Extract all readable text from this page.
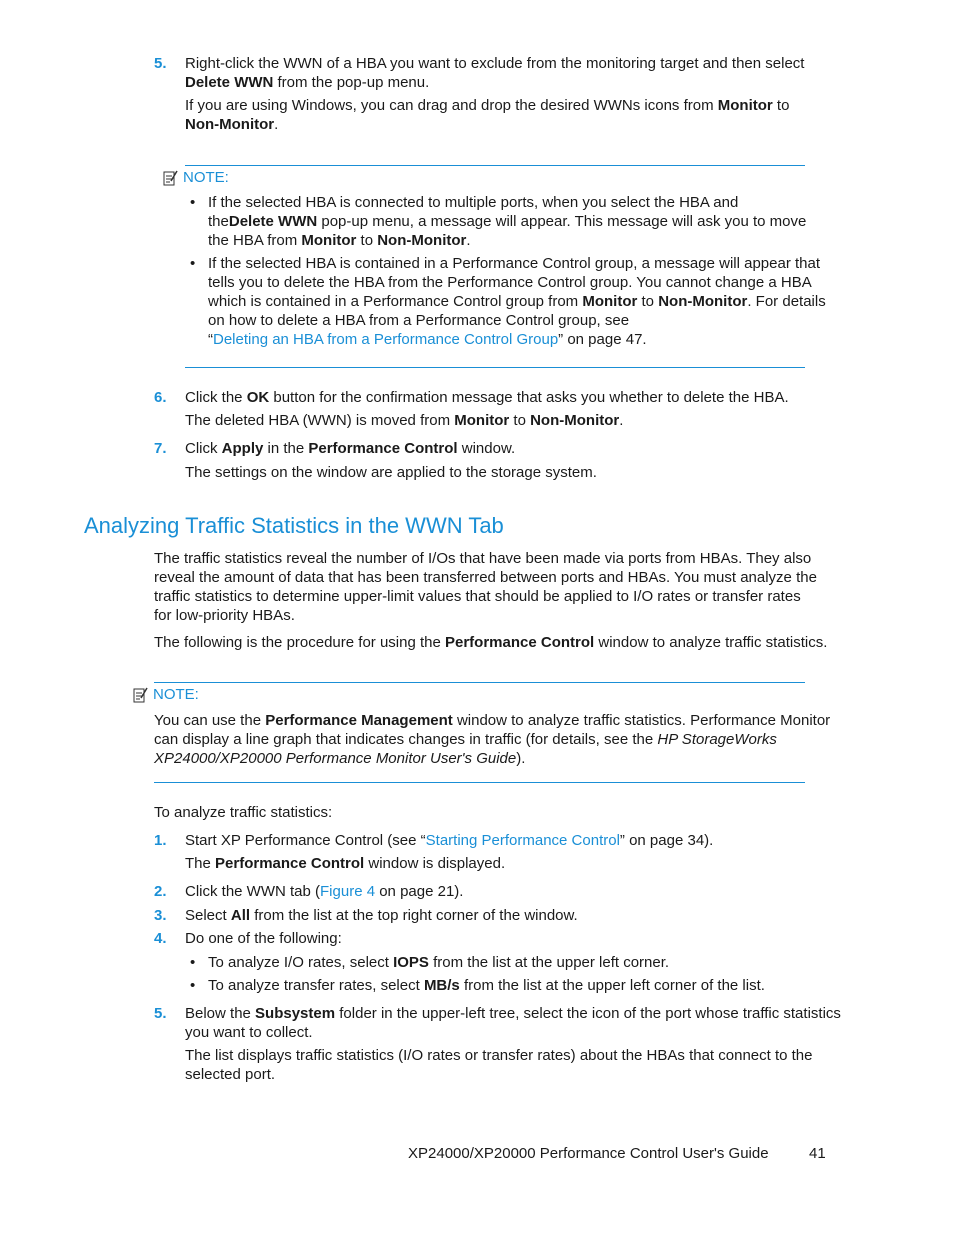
5. Right-click the WWN of a HBA you want to exclude from the monitoring target and then select
Delete WWN from the pop-up menu.
If you are using Windows, you can drag and drop the desired WWNs icons from Monitor to
Non-Monitor.
NOTE:
• If the selected HBA is connected to multiple ports, when you select the HBA and
theDelete WWN pop-up menu, a message will appear. This message will ask you to move
the HBA from Monitor to Non-Monitor.
• If the selected HBA is contained in a Performance Control group, a message will appear that
tells you to delete the HBA from the Performance Control group. You cannot change a HBA
which is contained in a Performance Control group from Monitor to Non-Monitor. For details
on how to delete a HBA from a Performance Control group, see
“Deleting an HBA from a Performance Control Group” on page 47.
6. Click the OK button for the confirmation message that asks you whether to delete the HBA.
The deleted HBA (WWN) is moved from Monitor to Non-Monitor.
7. Click Apply in the Performance Control window.
The settings on the window are applied to the storage system.
Analyzing Traffic Statistics in the WWN Tab
The traffic statistics reveal the number of I/Os that have been made via ports from HBAs. They also
reveal the amount of data that has been transferred between ports and HBAs. You must analyze the
traffic statistics to determine upper-limit values that should be applied to I/O rates or transfer rates
for low-priority HBAs.
The following is the procedure for using the Performance Control window to analyze traffic statistics.
NOTE:
You can use the Performance Management window to analyze traffic statistics. Performance Monitor
can display a line graph that indicates changes in traffic (for details, see the HP StorageWorks
XP24000/XP20000 Performance Monitor User's Guide).
To analyze traffic statistics:
1. Start XP Performance Control (see “Starting Performance Control” on page 34).
The Performance Control window is displayed.
2. Click the WWN tab (Figure 4 on page 21).
3. Select All from the list at the top right corner of the window.
4. Do one of the following:
• To analyze I/O rates, select IOPS from the list at the upper left corner.
• To analyze transfer rates, select MB/s from the list at the upper left corner of the list.
5. Below the Subsystem folder in the upper-left tree, select the icon of the port whose traffic statistics
you want to collect.
The list displays traffic statistics (I/O rates or transfer rates) about the HBAs that connect to the
selected port.
XP24000/XP20000 Performance Control User's Guide	41
